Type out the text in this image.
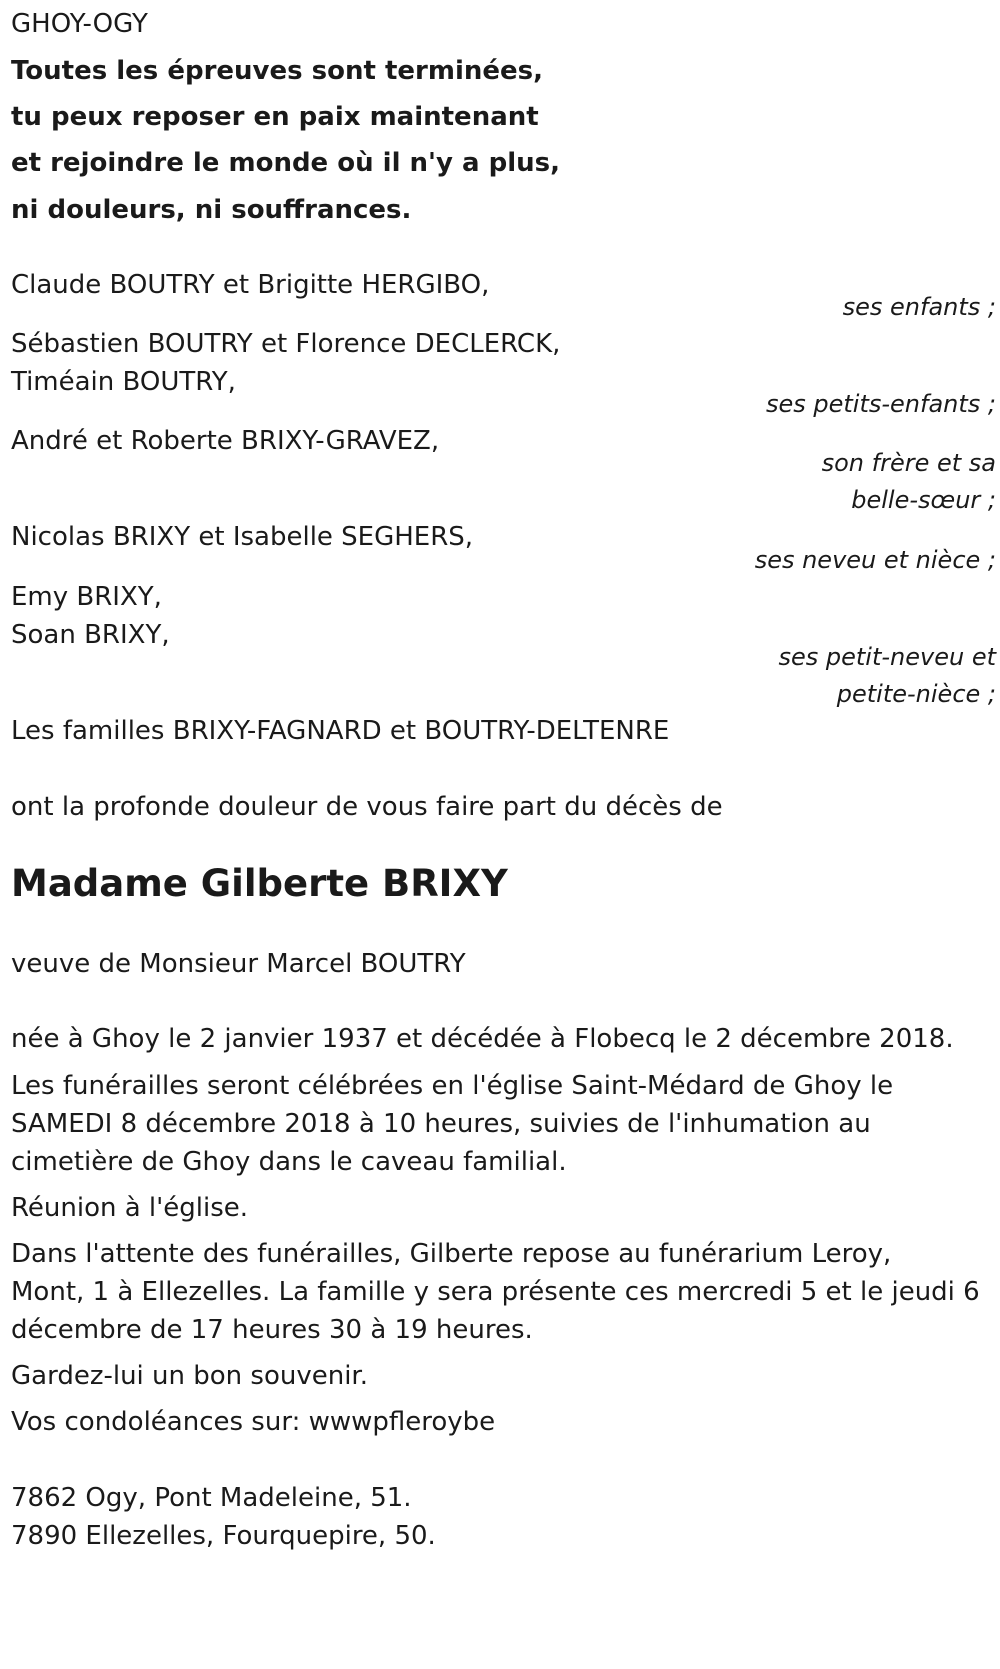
GHOY-OGY
Toutes les épreuves sont terminées,
tu peux reposer en paix maintenant
et rejoindre le monde où il n'y a plus,
ni douleurs, ni souffrances.
Claude BOUTRY et Brigitte HERGIBO,
ses enfants ;
Sébastien BOUTRY et Florence DECLERCK,
Timéain BOUTRY,
ses petits-enfants ;
André et Roberte BRIXY-GRAVEZ,
son frère et sa
belle-sœur ;
Nicolas BRIXY et Isabelle SEGHERS,
ses neveu et nièce ;
Emy BRIXY,
Soan BRIXY,
ses petit-neveu et
petite-nièce ;
Les familles BRIXY-FAGNARD et BOUTRY-DELTENRE
ont la profonde douleur de vous faire part du décès de
Madame Gilberte BRIXY
veuve de Monsieur Marcel BOUTRY
née à Ghoy le 2 janvier 1937 et décédée à Flobecq le 2 décembre 2018.
Les funérailles seront célébrées en l'église Saint-Médard de Ghoy le
SAMEDI 8 décembre 2018 à 10 heures, suivies de l'inhumation au
cimetière de Ghoy dans le caveau familial.
Réunion à l'église.
Dans l'attente des funérailles, Gilberte repose au funérarium Leroy,
Mont, 1 à Ellezelles. La famille y sera présente ces mercredi 5 et le jeudi 6
décembre de 17 heures 30 à 19 heures.
Gardez-lui un bon souvenir.
Vos condoléances sur: wwwpfleroybe
7862 Ogy, Pont Madeleine, 51.
7890 Ellezelles, Fourquepire, 50.
